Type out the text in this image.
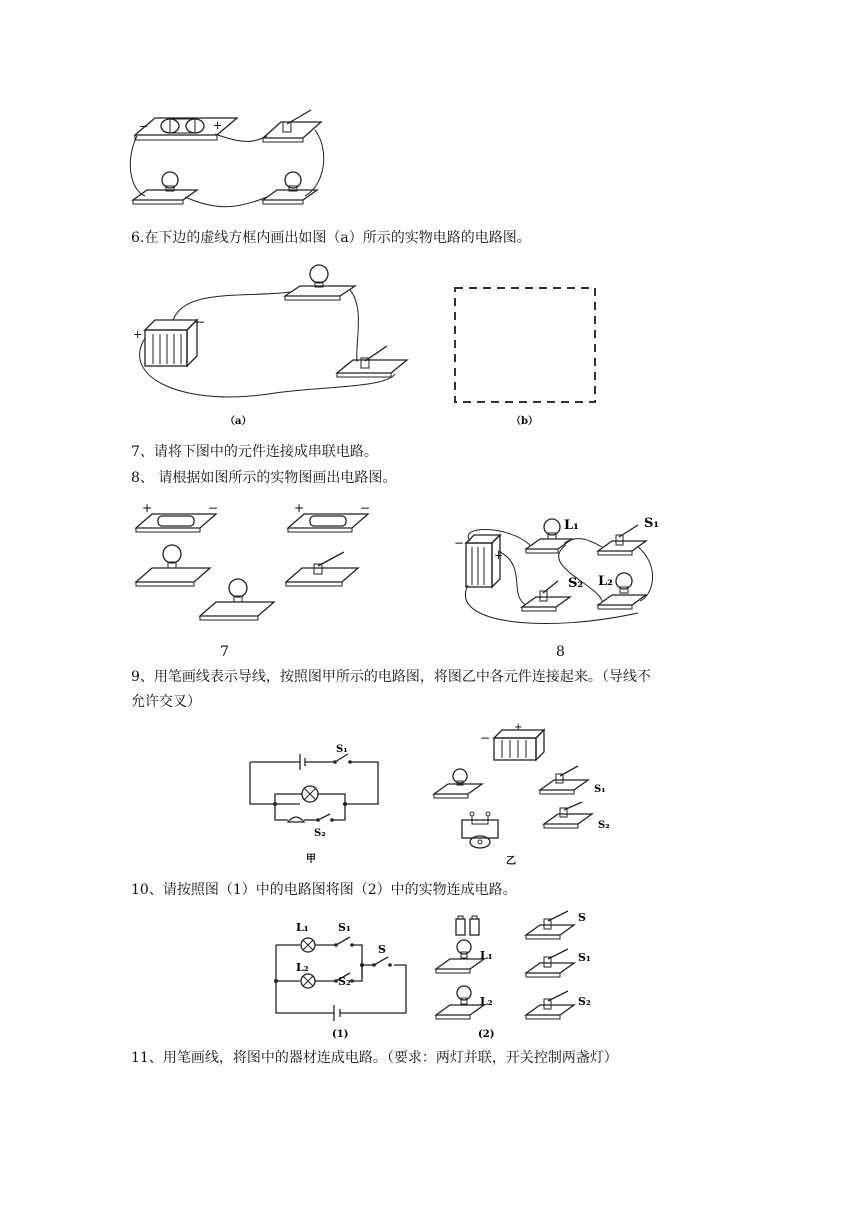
−	+
6.在下边的虚线方框内画出如图（a）所示的实物电路的电路图。
+
−
（a）	（b）
7、请将下图中的元件连接成串联电路。
8、 请根据如图所示的实物图画出电路图。
+	−	+	−
−
+
L₁	S₁
S₂ L₂
7	8
9、用笔画线表示导线，按照图甲所示的电路图，将图乙中各元件连接起来。（导线不
允许交叉）
S₁
S₂
甲
−
+
S₁
S₂
乙
10、请按照图（1）中的电路图将图（2）中的实物连成电路。
L₁	S₁
L₂
S₂
S
(1)
L₁
L₂
S
S₁
S₂
(2)
11、用笔画线，将图中的器材连成电路。（要求：两灯并联，开关控制两盏灯）
